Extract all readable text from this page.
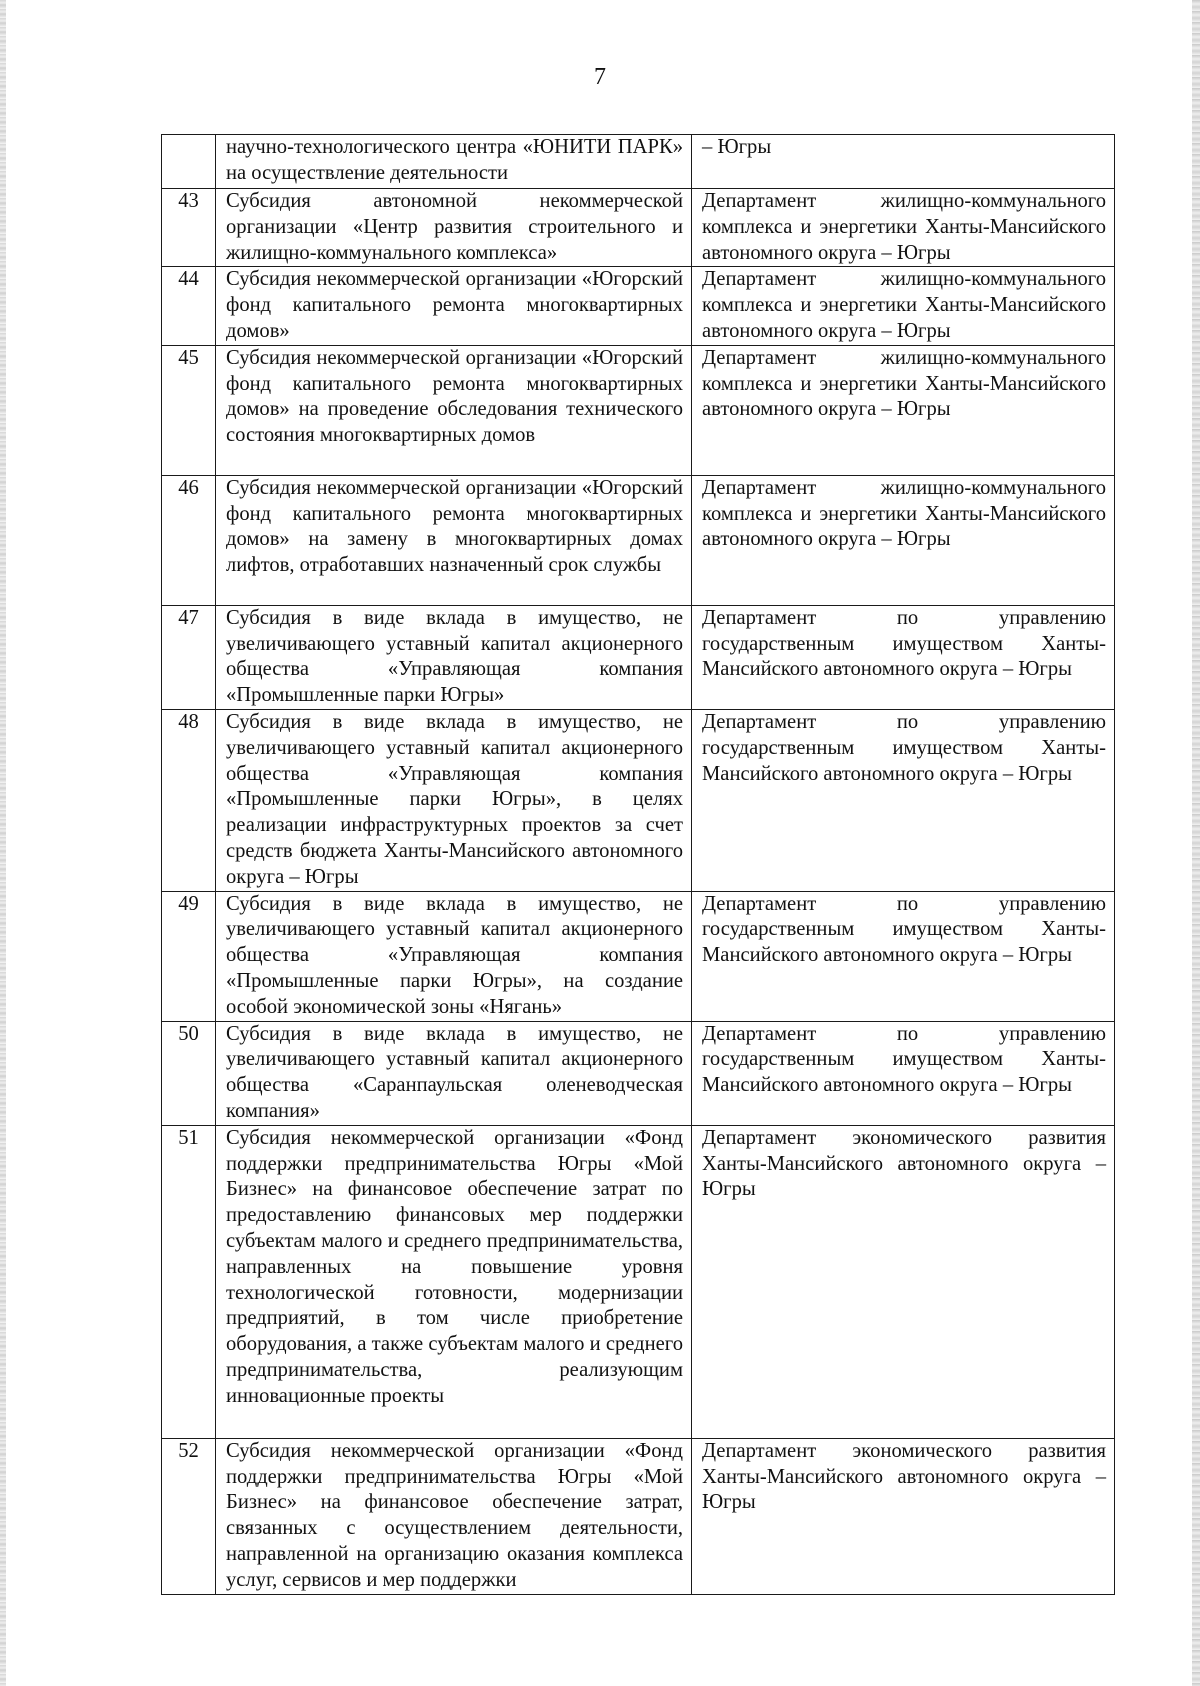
7
	научно-технологического центра «ЮНИТИ ПАРК» на осуществление деятельности	– Югры
43	Субсидия автономной некоммерческой организации «Центр развития строительного и жилищно-коммунального комплекса»	Департамент жилищно-коммунального комплекса и энергетики Ханты-Мансийского автономного округа – Югры
44	Субсидия некоммерческой организации «Югорский фонд капитального ремонта многоквартирных домов»	Департамент жилищно-коммунального комплекса и энергетики Ханты-Мансийского автономного округа – Югры
45	Субсидия некоммерческой организации «Югорский фонд капитального ремонта многоквартирных домов» на проведение обследования технического состояния многоквартирных домов	Департамент жилищно-коммунального комплекса и энергетики Ханты-Мансийского автономного округа – Югры
46	Субсидия некоммерческой организации «Югорский фонд капитального ремонта многоквартирных домов» на замену в многоквартирных домах лифтов, отработавших назначенный срок службы	Департамент жилищно-коммунального комплекса и энергетики Ханты-Мансийского автономного округа – Югры
47	Субсидия в виде вклада в имущество, не увеличивающего уставный капитал акционерного общества «Управляющая компания «Промышленные парки Югры»	Департамент по управлению государственным имуществом Ханты-Мансийского автономного округа – Югры
48	Субсидия в виде вклада в имущество, не увеличивающего уставный капитал акционерного общества «Управляющая компания «Промышленные парки Югры», в целях реализации инфраструктурных проектов за счет средств бюджета Ханты-Мансийского автономного округа – Югры	Департамент по управлению государственным имуществом Ханты-Мансийского автономного округа – Югры
49	Субсидия в виде вклада в имущество, не увеличивающего уставный капитал акционерного общества «Управляющая компания «Промышленные парки Югры», на создание особой экономической зоны «Нягань»	Департамент по управлению государственным имуществом Ханты-Мансийского автономного округа – Югры
50	Субсидия в виде вклада в имущество, не увеличивающего уставный капитал акционерного общества «Саранпаульская оленеводческая компания»	Департамент по управлению государственным имуществом Ханты-Мансийского автономного округа – Югры
51	Субсидия некоммерческой организации «Фонд поддержки предпринимательства Югры «Мой Бизнес» на финансовое обеспечение затрат по предоставлению финансовых мер поддержки субъектам малого и среднего предпринимательства, направленных на повышение уровня технологической готовности, модернизации предприятий, в том числе приобретение оборудования, а также субъектам малого и среднего предпринимательства, реализующим инновационные проекты	Департамент экономического развития Ханты-Мансийского автономного округа – Югры
52	Субсидия некоммерческой организации «Фонд поддержки предпринимательства Югры «Мой Бизнес» на финансовое обеспечение затрат, связанных с осуществлением деятельности, направленной на организацию оказания комплекса услуг, сервисов и мер поддержки	Департамент экономического развития Ханты-Мансийского автономного округа – Югры
